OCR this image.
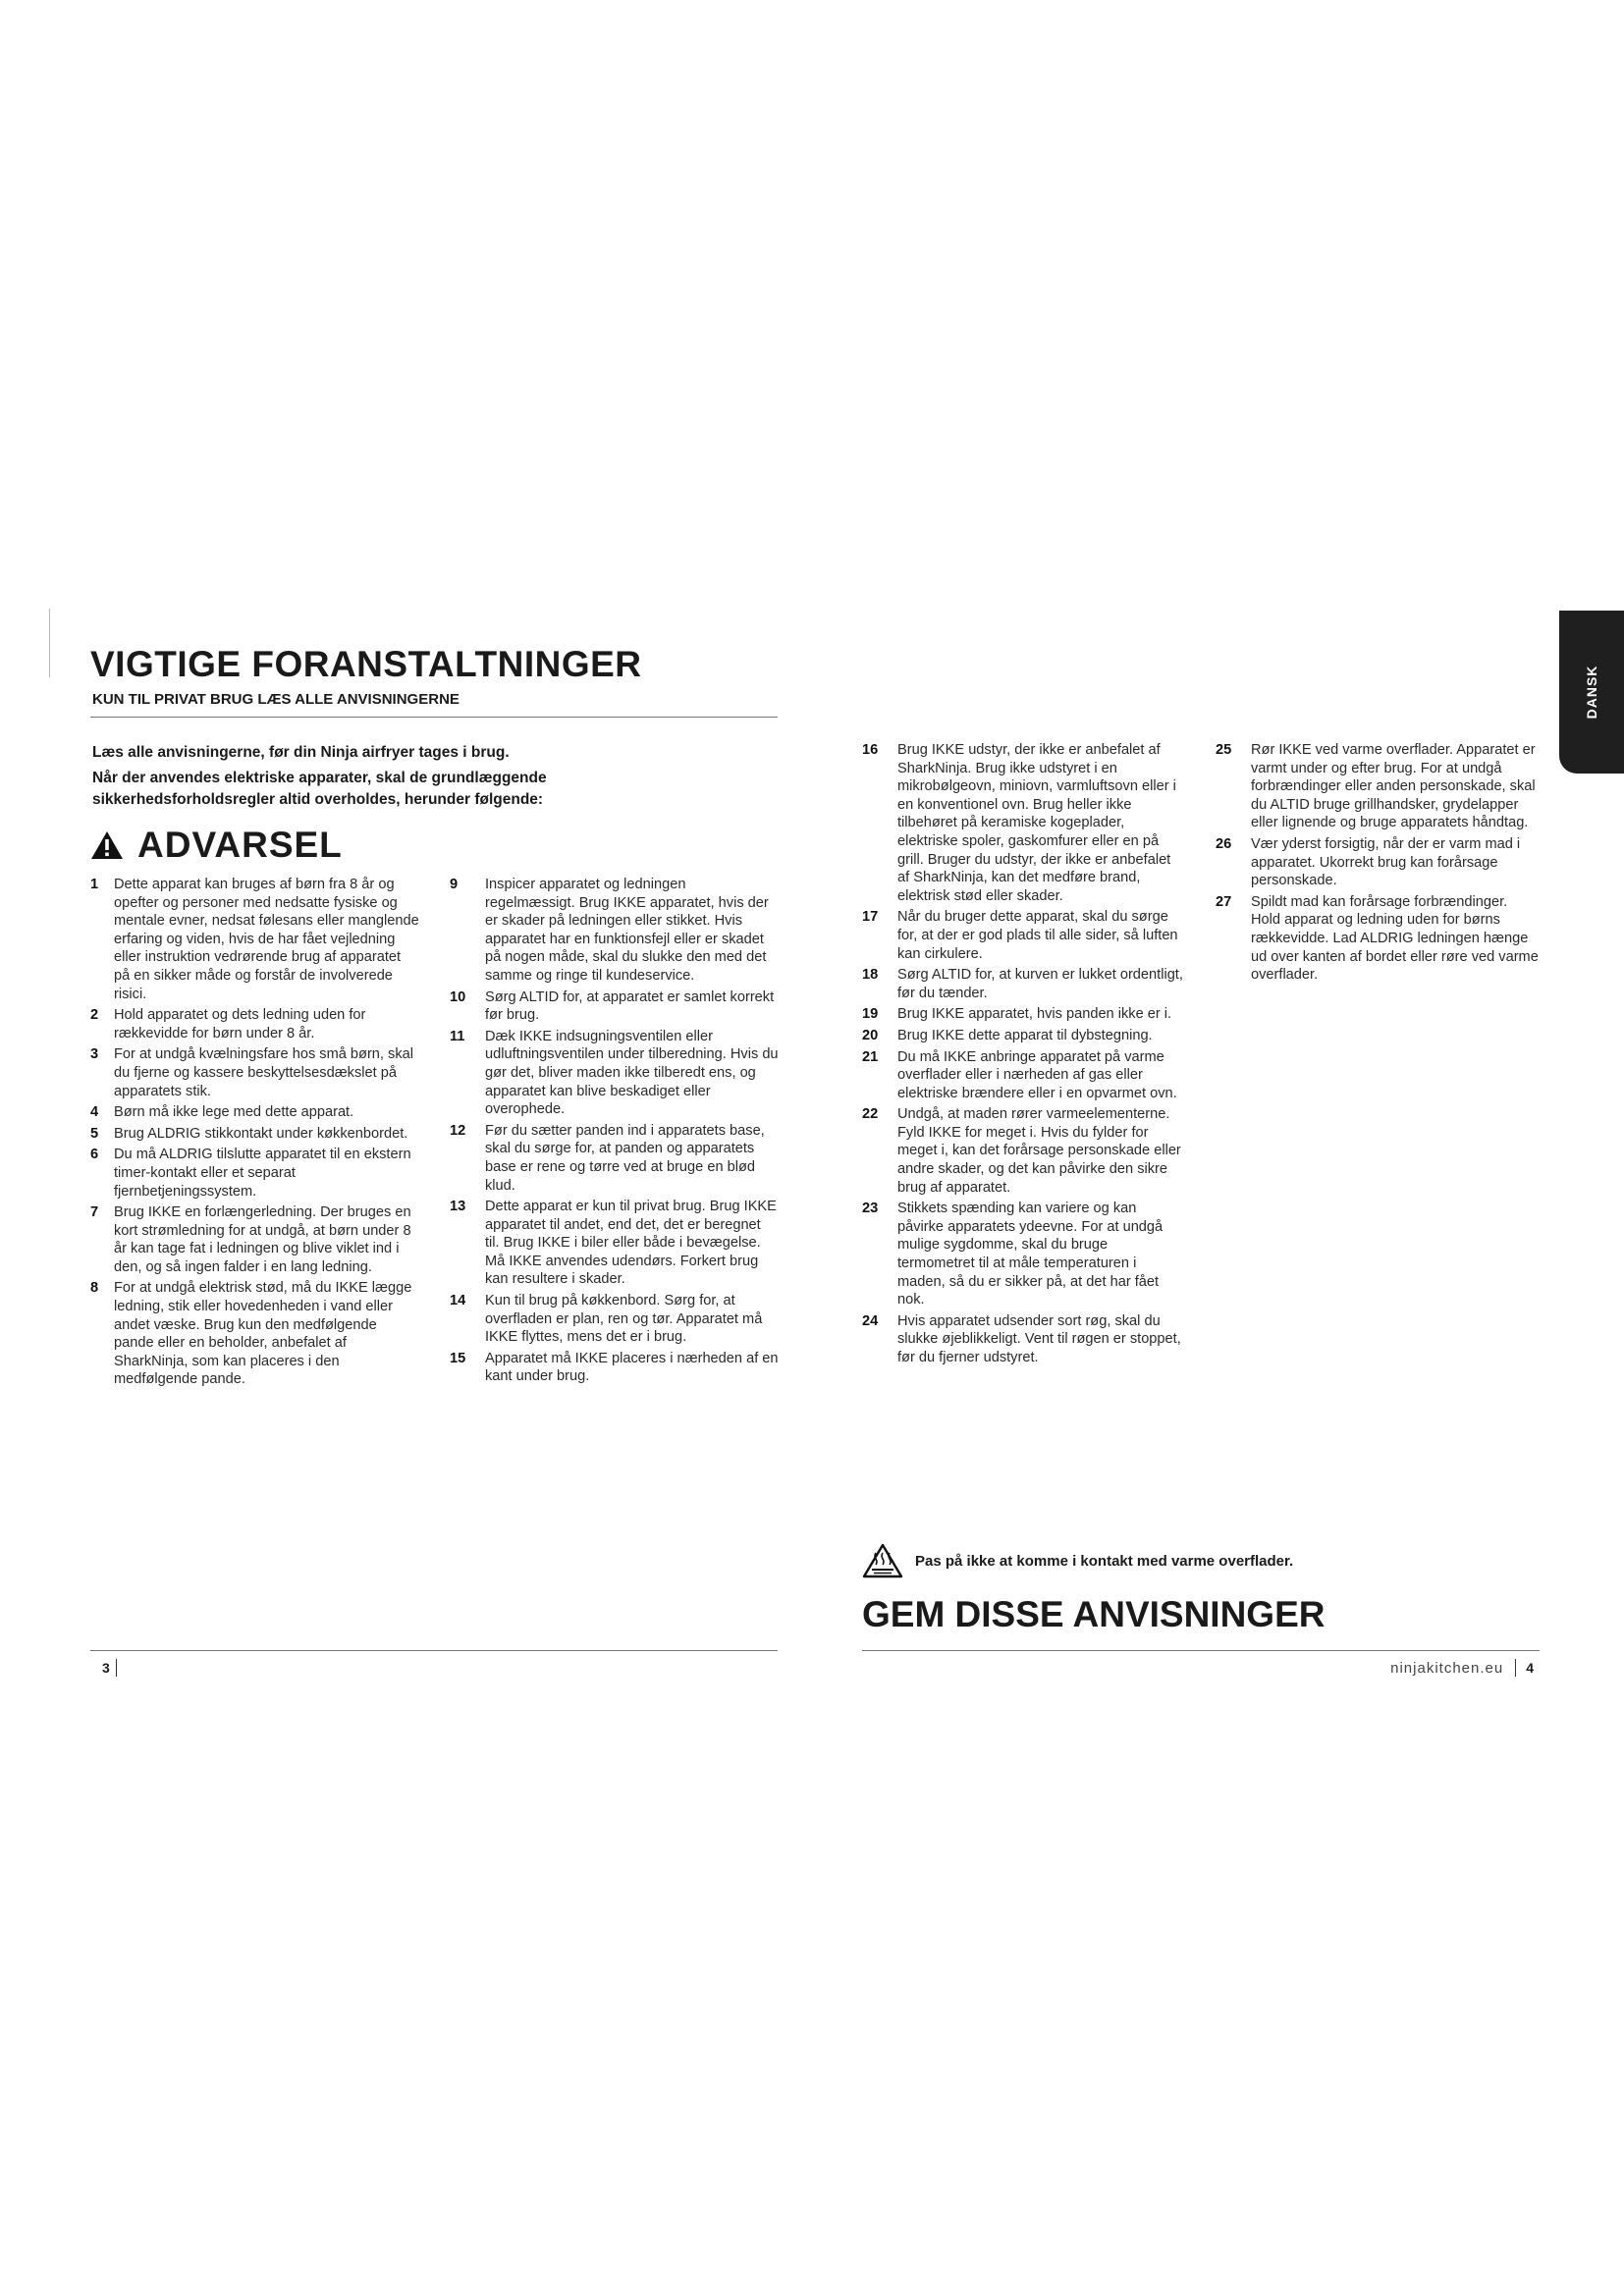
DANSK
VIGTIGE FORANSTALTNINGER
KUN TIL PRIVAT BRUG LÆS ALLE ANVISNINGERNE

Læs alle anvisningerne, før din Ninja airfryer tages i brug.

Når der anvendes elektriske apparater, skal de grundlæggende sikkerhedsforholdsregler altid overholdes, herunder følgende:

ADVARSEL
1	Dette apparat kan bruges af børn fra 8 år og opefter og personer med nedsatte fysiske og mentale evner, nedsat følesans eller manglende erfaring og viden, hvis de har fået vejledning eller instruktion vedrørende brug af apparatet på en sikker måde og forstår de involverede risici.
2	Hold apparatet og dets ledning uden for rækkevidde for børn under 8 år.
3	For at undgå kvælningsfare hos små børn, skal du fjerne og kassere beskyttelsesdækslet på apparatets stik.
4	Børn må ikke lege med dette apparat.
5	Brug ALDRIG stikkontakt under køkkenbordet.
6	Du må ALDRIG tilslutte apparatet til en ekstern timer-kontakt eller et separat fjernbetjeningssystem.
7	Brug IKKE en forlængerledning. Der bruges en kort strømledning for at undgå, at børn under 8 år kan tage fat i ledningen og blive viklet ind i den, og så ingen falder i en lang ledning.
8	For at undgå elektrisk stød, må du IKKE lægge ledning, stik eller hovedenheden i vand eller andet væske. Brug kun den medfølgende pande eller en beholder, anbefalet af SharkNinja, som kan placeres i den medfølgende pande.
9	Inspicer apparatet og ledningen regelmæssigt. Brug IKKE apparatet, hvis der er skader på ledningen eller stikket. Hvis apparatet har en funktionsfejl eller er skadet på nogen måde, skal du slukke den med det samme og ringe til kundeservice.
10	Sørg ALTID for, at apparatet er samlet korrekt før brug.
11	Dæk IKKE indsugningsventilen eller udluftningsventilen under tilberedning. Hvis du gør det, bliver maden ikke tilberedt ens, og apparatet kan blive beskadiget eller overophede.
12	Før du sætter panden ind i apparatets base, skal du sørge for, at panden og apparatets base er rene og tørre ved at bruge en blød klud.
13	Dette apparat er kun til privat brug. Brug IKKE apparatet til andet, end det, det er beregnet til. Brug IKKE i biler eller både i bevægelse. Må IKKE anvendes udendørs. Forkert brug kan resultere i skader.
14	Kun til brug på køkkenbord. Sørg for, at overfladen er plan, ren og tør. Apparatet må IKKE flyttes, mens det er i brug.
15	Apparatet må IKKE placeres i nærheden af en kant under brug.
16	Brug IKKE udstyr, der ikke er anbefalet af SharkNinja. Brug ikke udstyret i en mikrobølgeovn, miniovn, varmluftsovn eller i en konventionel ovn. Brug heller ikke tilbehøret på keramiske kogeplader, elektriske spoler, gaskomfurer eller en på grill. Bruger du udstyr, der ikke er anbefalet af SharkNinja, kan det medføre brand, elektrisk stød eller skader.
17	Når du bruger dette apparat, skal du sørge for, at der er god plads til alle sider, så luften kan cirkulere.
18	Sørg ALTID for, at kurven er lukket ordentligt, før du tænder.
19	Brug IKKE apparatet, hvis panden ikke er i.
20	Brug IKKE dette apparat til dybstegning.
21	Du må IKKE anbringe apparatet på varme overflader eller i nærheden af gas eller elektriske brændere eller i en opvarmet ovn.
22	Undgå, at maden rører varmeelementerne. Fyld IKKE for meget i. Hvis du fylder for meget i, kan det forårsage personskade eller andre skader, og det kan påvirke den sikre brug af apparatet.
23	Stikkets spænding kan variere og kan påvirke apparatets ydeevne. For at undgå mulige sygdomme, skal du bruge termometret til at måle temperaturen i maden, så du er sikker på, at det har fået nok.
24	Hvis apparatet udsender sort røg, skal du slukke øjeblikkeligt. Vent til røgen er stoppet, før du fjerner udstyret.
25	Rør IKKE ved varme overflader. Apparatet er varmt under og efter brug. For at undgå forbrændinger eller anden personskade, skal du ALTID bruge grillhandsker, grydelapper eller lignende og bruge apparatets håndtag.
26	Vær yderst forsigtig, når der er varm mad i apparatet. Ukorrekt brug kan forårsage personskade.
27	Spildt mad kan forårsage forbrændinger. Hold apparat og ledning uden for børns rækkevidde. Lad ALDRIG ledningen hænge ud over kanten af bordet eller røre ved varme overflader.
Pas på ikke at komme i kontakt med varme overflader.
GEM DISSE ANVISNINGER
3	ninjakitchen.eu 4
